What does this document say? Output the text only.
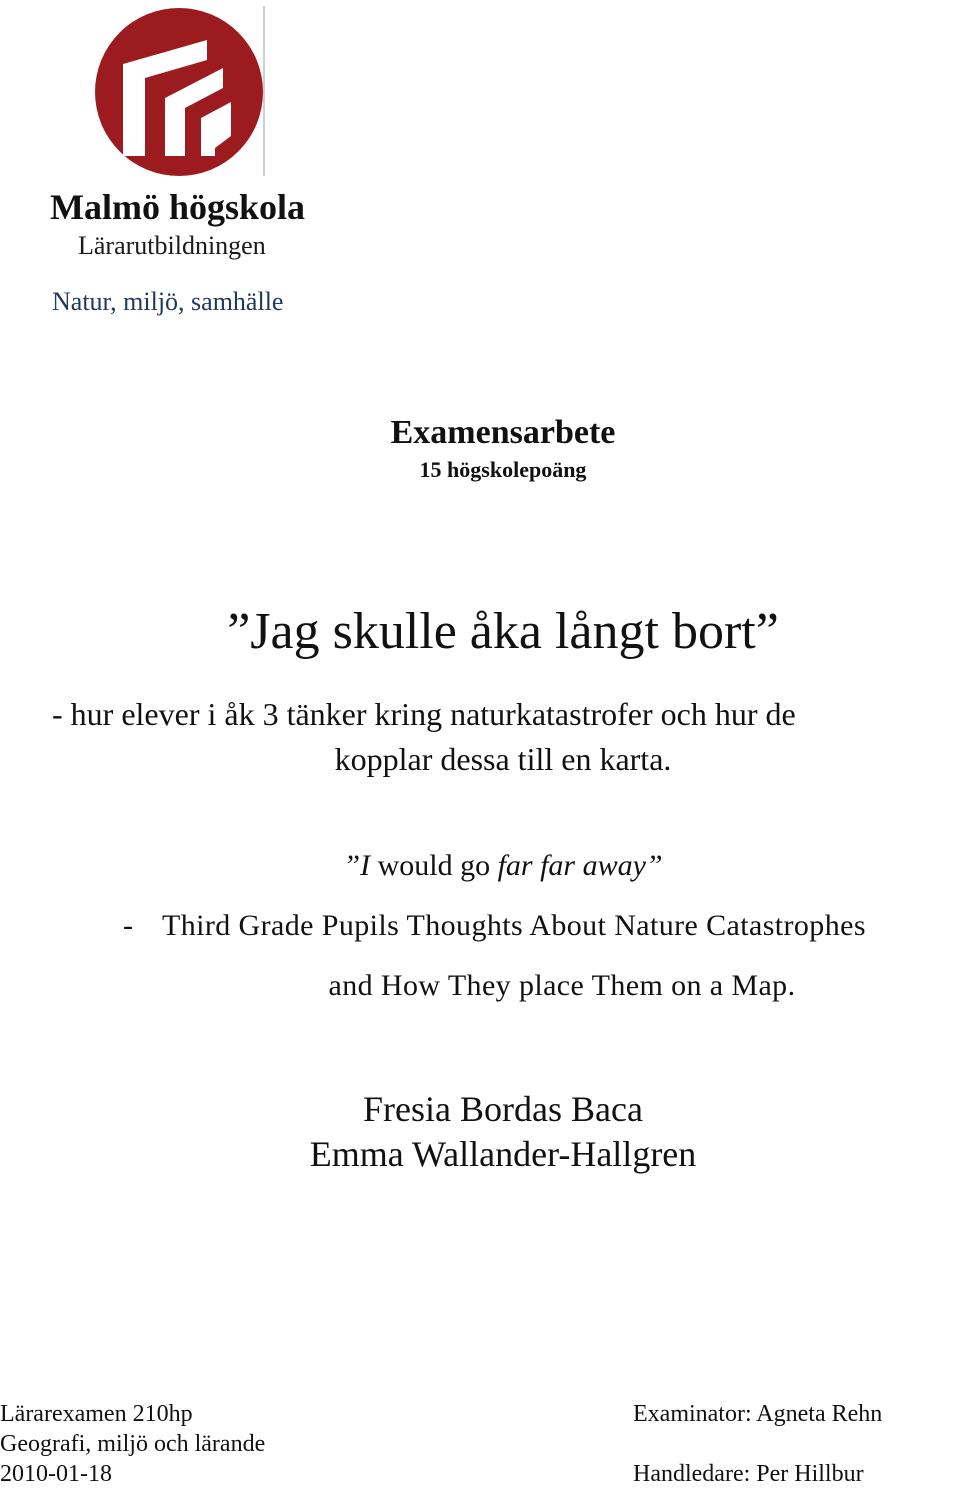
Malmö högskola
Lärarutbildningen
Natur, miljö, samhälle
Examensarbete
15 högskolepoäng
”Jag skulle åka långt bort”
- hur elever i åk 3 tänker kring naturkatastrofer och hur de
kopplar dessa till en karta.
”I would go far far away”
- Third Grade Pupils Thoughts About Nature Catastrophes
and How They place Them on a Map.
Fresia Bordas Baca
Emma Wallander-Hallgren
Lärarexamen 210hp
Geografi, miljö och lärande
2010-01-18
Examinator: Agneta Rehn
Handledare: Per Hillbur
